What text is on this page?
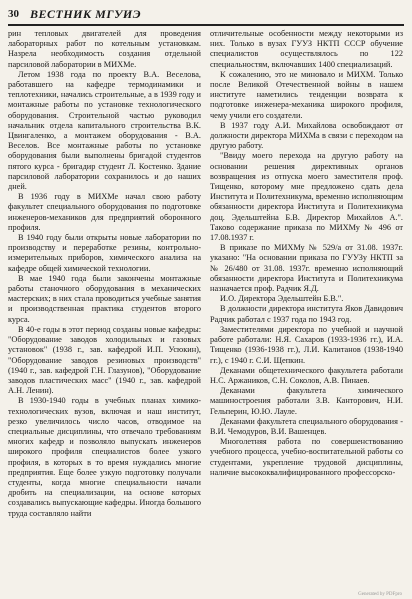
30 ВЕСТНИК МГУИЭ

рин тепловых двигателей для проведения лабораторных работ по котельным установкам. Назрела необходимость создания отдельной парсиловой лаборатории в МИХМе.

Летом 1938 года по проекту В.А. Веселова, работавшего на кафедре термодинамики и теплотехники, начались строительные, а в 1939 году и монтажные работы по установке технологического оборудования. Строительной частью руководил начальник отдела капитального строительства В.К. Цвингаленко, а монтажем оборудования - В.А. Веселов. Все монтажные работы по установке оборудования были выполнены бригадой студентов пятого курса - бригадир студент Л. Костенко. Здание парсиловой лаборатории сохранилось и до наших дней.

В 1936 году в МИХМе начал свою работу факультет специального оборудования по подготовке инженеров-механиков для предприятий оборонного профиля.

В 1940 году были открыты новые лаборатории по производству и переработке резины, контрольно-измерительных приборов, химического анализа на кафедре общей химической технологии.

В мае 1940 года были закончены монтажные работы станочного оборудования в механических мастерских; в них стала проводиться учебные занятия и производственная практика студентов второго курса.

В 40-е годы в этот период созданы новые кафедры: "Оборудование заводов холодильных и газовых установок" (1938 г., зав. кафедрой И.П. Усюкин), "Оборудование заводов резиновых производств" (1940 г., зав. кафедрой Г.Н. Глазунов), "Оборудование заводов пластических масс" (1940 г., зав. кафедрой А.Н. Ленин).

В 1930-1940 годы в учебных планах химико-технологических вузов, включая и наш институт, резко увеличилось число часов, отводимое на специальные дисциплины, что отвечало требованиям многих кафедр и позволяло выпускать инженеров широкого профиля специалистов более узкого профиля, в которых в то время нуждались многие предприятия. Еще более узкую подготовку получали студенты, когда многие специальности начали дробить на специализации, на основе которых создавались выпускающие кафедры. Иногда большого труда составляло найти

отличительные особенности между некоторыми из них. Только в вузах ГУУЗ НКТП СССР обучение специалистов осуществлялось по 122 специальностям, включавших 1400 специализаций.

К сожалению, это не миновало и МИХМ. Только после Великой Отечественной войны в нашем институте наметились тенденции возврата к подготовке инженера-механика широкого профиля, чему учили его создатели.

В 1937 году А.И. Михайлова освобождают от должности директора МИХМа в связи с переходом на другую работу.

"Ввиду моего перехода на другую работу на основании решения директивных органов возвращения из отпуска моего заместителя проф. Тищенко, которому мне предложено сдать дела Института и Политехникума, временно исполняющим обязанности директора Института и Политехникума доц. Эдельштейна Б.В. Директор Михайлов А.". Таково содержание приказа по МИХМу № 496 от 17.08.1937 г.

В приказе по МИХМу № 529/а от 31.08. 1937г. указано: "На основании приказа по ГУУЗу НКТП за № 26/480 от 31.08. 1937г. временно исполняющий обязанности директора Института и Политехникума назначается проф. Радчик Я.Д.

И.О. Директора Эдельштейн Б.В.".

В должности директора института Яков Давидович Радчик работал с 1937 года по 1943 год.

Заместителями директора по учебной и научной работе работали: Н.Я. Сахаров (1933-1936 гг.), И.А. Тищенко (1936-1938 гг.), Л.И. Калитанов (1938-1940 гг.), с 1940 г. С.И. Щепкин.

Деканами общетехнического факультета работали Н.С. Аржаников, С.Н. Соколов, А.В. Пинаев.

Деканами факультета химического машиностроения работали З.В. Канторович, Н.И. Гельперин, Ю.Ю. Лауле.

Деканами факультета специального оборудования - В.И. Чемодуров, В.И. Вашенцев.

Многолетняя работа по совершенствованию учебного процесса, учебно-воспитательной работы со студентами, укрепление трудовой дисциплины, наличие высококвалифицированного профессорско-

Generated by PDFpro
